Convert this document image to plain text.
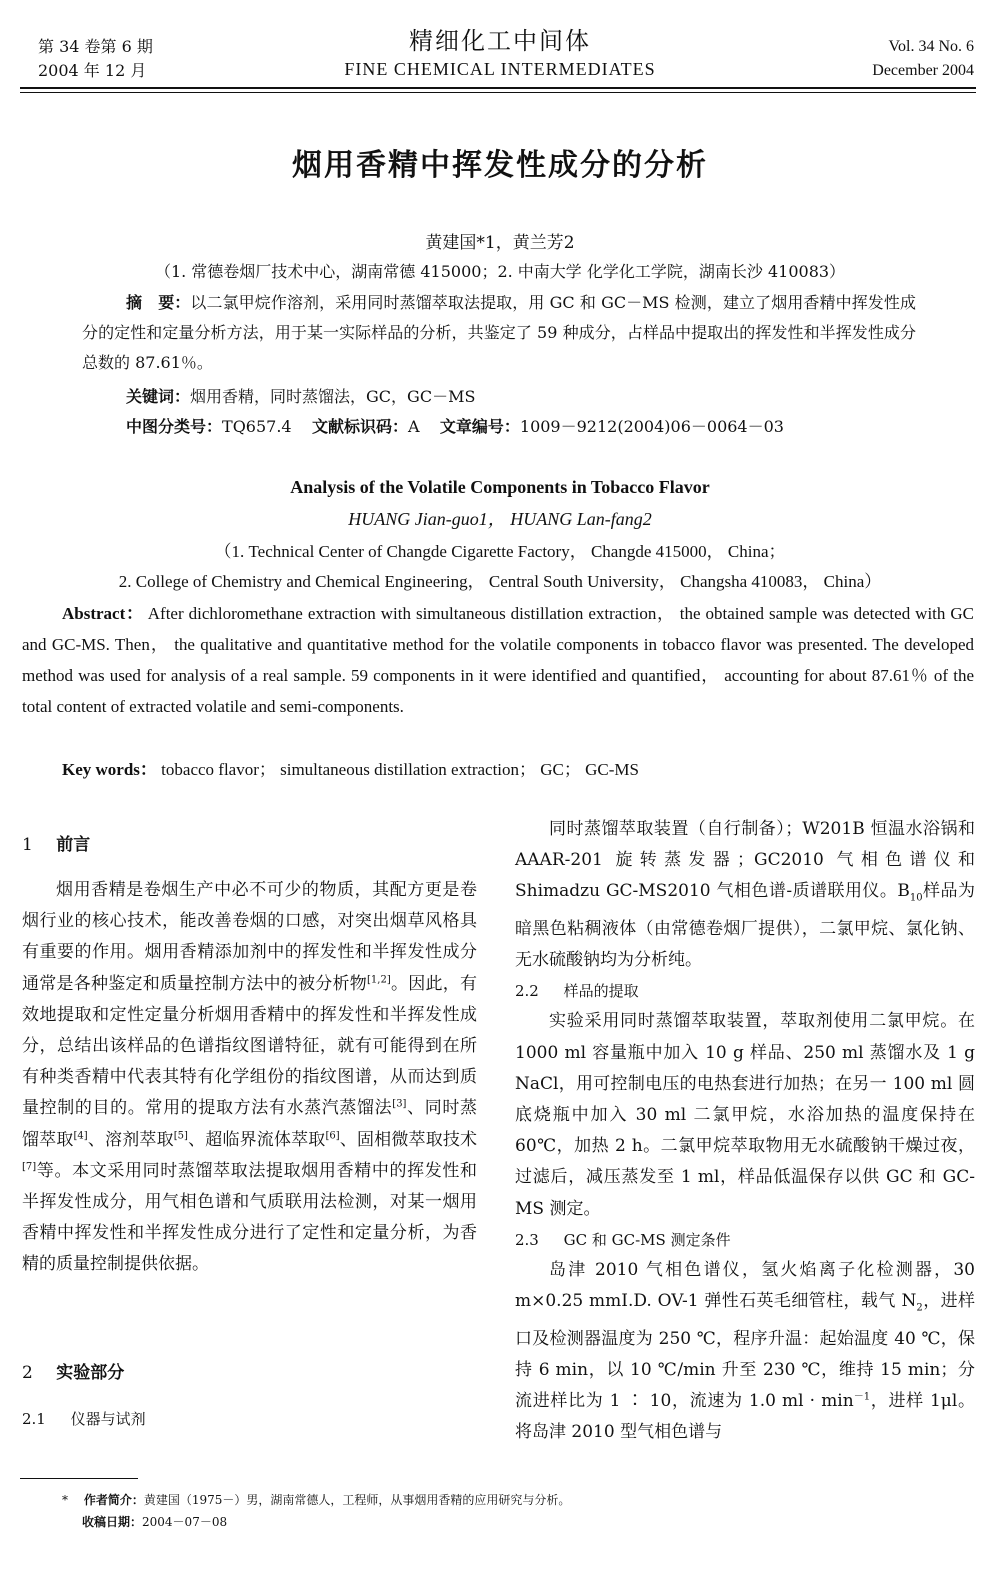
第 34 卷第 6 期
2004 年 12 月
精细化工中间体
FINE CHEMICAL INTERMEDIATES
Vol. 34 No. 6
December 2004
烟用香精中挥发性成分的分析
黄建国*1，黄兰芳2
（1. 常德卷烟厂技术中心，湖南常德 415000；2. 中南大学 化学化工学院，湖南长沙 410083）
摘　要：以二氯甲烷作溶剂，采用同时蒸馏萃取法提取，用 GC 和 GC－MS 检测，建立了烟用香精中挥发性成分的定性和定量分析方法，用于某一实际样品的分析，共鉴定了 59 种成分，占样品中提取出的挥发性和半挥发性成分总数的 87.61％。
关键词：烟用香精，同时蒸馏法，GC，GC－MS
中图分类号：TQ657.4 文献标识码：A 文章编号：1009－9212(2004)06－0064－03
Analysis of the Volatile Components in Tobacco Flavor
HUANG Jian-guo1， HUANG Lan-fang2
（1. Technical Center of Changde Cigarette Factory， Changde 415000， China；
2. College of Chemistry and Chemical Engineering， Central South University， Changsha 410083， China）
Abstract： After dichloromethane extraction with simultaneous distillation extraction， the obtained sample was detected with GC and GC-MS. Then， the qualitative and quantitative method for the volatile components in tobacco flavor was presented. The developed method was used for analysis of a real sample. 59 components in it were identified and quantified， accounting for about 87.61％ of the total content of extracted volatile and semi-components.
Key words： tobacco flavor； simultaneous distillation extraction； GC； GC-MS
1 前言

烟用香精是卷烟生产中必不可少的物质，其配方更是卷烟行业的核心技术，能改善卷烟的口感，对突出烟草风格具有重要的作用。烟用香精添加剂中的挥发性和半挥发性成分通常是各种鉴定和质量控制方法中的被分析物[1,2]。因此，有效地提取和定性定量分析烟用香精中的挥发性和半挥发性成分，总结出该样品的色谱指纹图谱特征，就有可能得到在所有种类香精中代表其特有化学组份的指纹图谱，从而达到质量控制的目的。常用的提取方法有水蒸汽蒸馏法[3]、同时蒸馏萃取[4]、溶剂萃取[5]、超临界流体萃取[6]、固相微萃取技术[7]等。本文采用同时蒸馏萃取法提取烟用香精中的挥发性和半挥发性成分，用气相色谱和气质联用法检测，对某一烟用香精中挥发性和半挥发性成分进行了定性和定量分析，为香精的质量控制提供依据。

2 实验部分
2.1 仪器与试剂

同时蒸馏萃取装置（自行制备）；W201B 恒温水浴锅和 AAAR-201 旋转蒸发器；GC2010 气相色谱仪和 Shimadzu GC-MS2010 气相色谱-质谱联用仪。$B_{10}$样品为暗黑色粘稠液体（由常德卷烟厂提供），二氯甲烷、氯化钠、无水硫酸钠均为分析纯。

2.2 样品的提取

实验采用同时蒸馏萃取装置，萃取剂使用二氯甲烷。在 1000 ml 容量瓶中加入 10 g 样品、250 ml 蒸馏水及 1 g NaCl，用可控制电压的电热套进行加热；在另一 100 ml 圆底烧瓶中加入 30 ml 二氯甲烷，水浴加热的温度保持在 60℃，加热 2 h。二氯甲烷萃取物用无水硫酸钠干燥过夜，过滤后，减压蒸发至 1 ml，样品低温保存以供 GC 和 GC-MS 测定。

2.3 GC 和 GC-MS 测定条件

岛津 2010 气相色谱仪，氢火焰离子化检测器，30 m×0.25 mmI.D. OV-1 弹性石英毛细管柱，载气 $N_2$，进样口及检测器温度为 250 ℃，程序升温：起始温度 40 ℃，保持 6 min，以 10 ℃/min 升至 230 ℃，维持 15 min；分流进样比为 1 ∶ 10，流速为 1.0 ml · $\min^{-1}$，进样 1μl。将岛津 2010 型气相色谱与

* 作者简介：黄建国（1975－）男，湖南常德人，工程师，从事烟用香精的应用研究与分析。
收稿日期：2004－07－08
